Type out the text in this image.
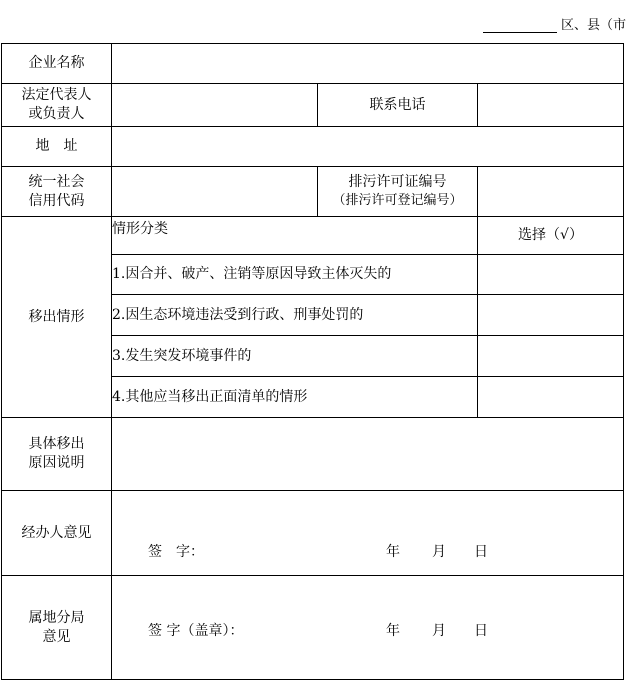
区、县（市
企业名称			

法定代表人
或负责人		联系电话	

地　址			

统一社会
信用代码		排污许可证编号
（排污许可登记编号）	

移出情形	情形分类		选择（√）
	1.因合并、破产、注销等原因导致主体灭失的		
	2.因生态环境违法受到行政、刑事处罚的		
	3.发生突发环境事件的		
	4.其他应当移出正面清单的情形		

具体移出
原因说明			

经办人意见	签　字： 年 月 日		

属地分局
意见	签 字（盖章）： 年 月 日		
